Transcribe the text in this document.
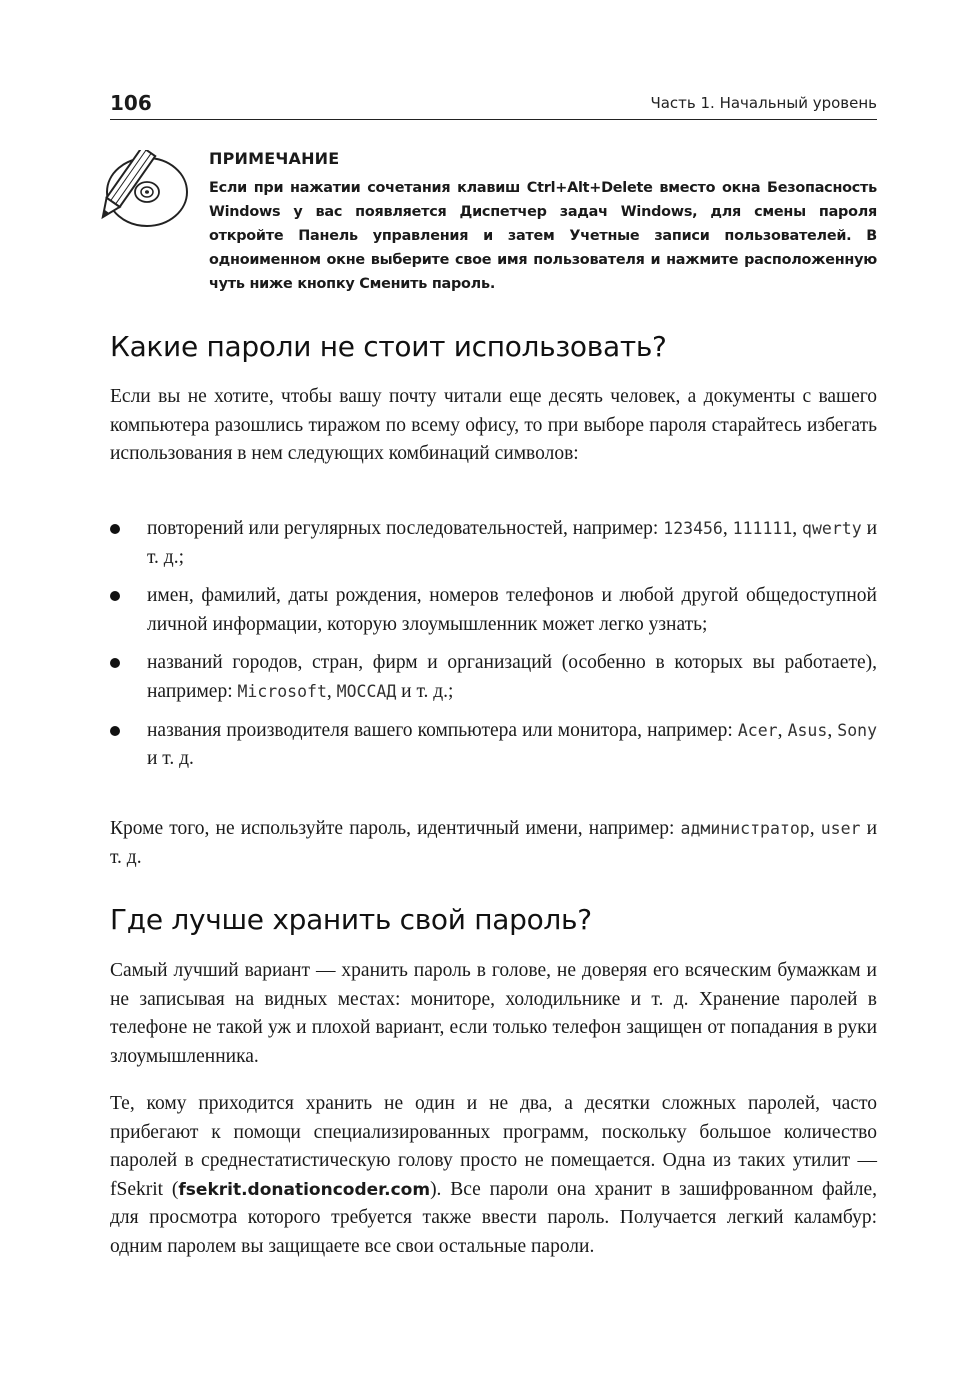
106	Часть 1. Начальный уровень
ПРИМЕЧАНИЕ
Если при нажатии сочетания клавиш Ctrl+Alt+Delete вместо окна Безопасность Windows у вас появляется Диспетчер задач Windows, для смены пароля откройте Панель управления и затем Учетные записи пользователей. В одноименном окне выберите свое имя пользователя и нажмите расположенную чуть ниже кнопку Сменить пароль.
Какие пароли не стоит использовать?
Если вы не хотите, чтобы вашу почту читали еще десять человек, а документы с вашего компьютера разошлись тиражом по всему офису, то при выборе пароля старайтесь избегать использования в нем следующих комбинаций символов:
повторений или регулярных последовательностей, например: 123456, 111111, qwerty и т. д.;
имен, фамилий, даты рождения, номеров телефонов и любой другой общедоступной личной информации, которую злоумышленник может легко узнать;
названий городов, стран, фирм и организаций (особенно в которых вы работаете), например: Microsoft, МОССАД и т. д.;
названия производителя вашего компьютера или монитора, например: Acer, Asus, Sony и т. д.
Кроме того, не используйте пароль, идентичный имени, например: администратор, user и т. д.
Где лучше хранить свой пароль?
Самый лучший вариант — хранить пароль в голове, не доверяя его всяческим бумажкам и не записывая на видных местах: мониторе, холодильнике и т. д. Хранение паролей в телефоне не такой уж и плохой вариант, если только телефон защищен от попадания в руки злоумышленника.
Те, кому приходится хранить не один и не два, а десятки сложных паролей, часто прибегают к помощи специализированных программ, поскольку большое количество паролей в среднестатистическую голову просто не помещается. Одна из таких утилит — fSekrit (fsekrit.donationcoder.com). Все пароли она хранит в зашифрованном файле, для просмотра которого требуется также ввести пароль. Получается легкий каламбур: одним паролем вы защищаете все свои остальные пароли.
